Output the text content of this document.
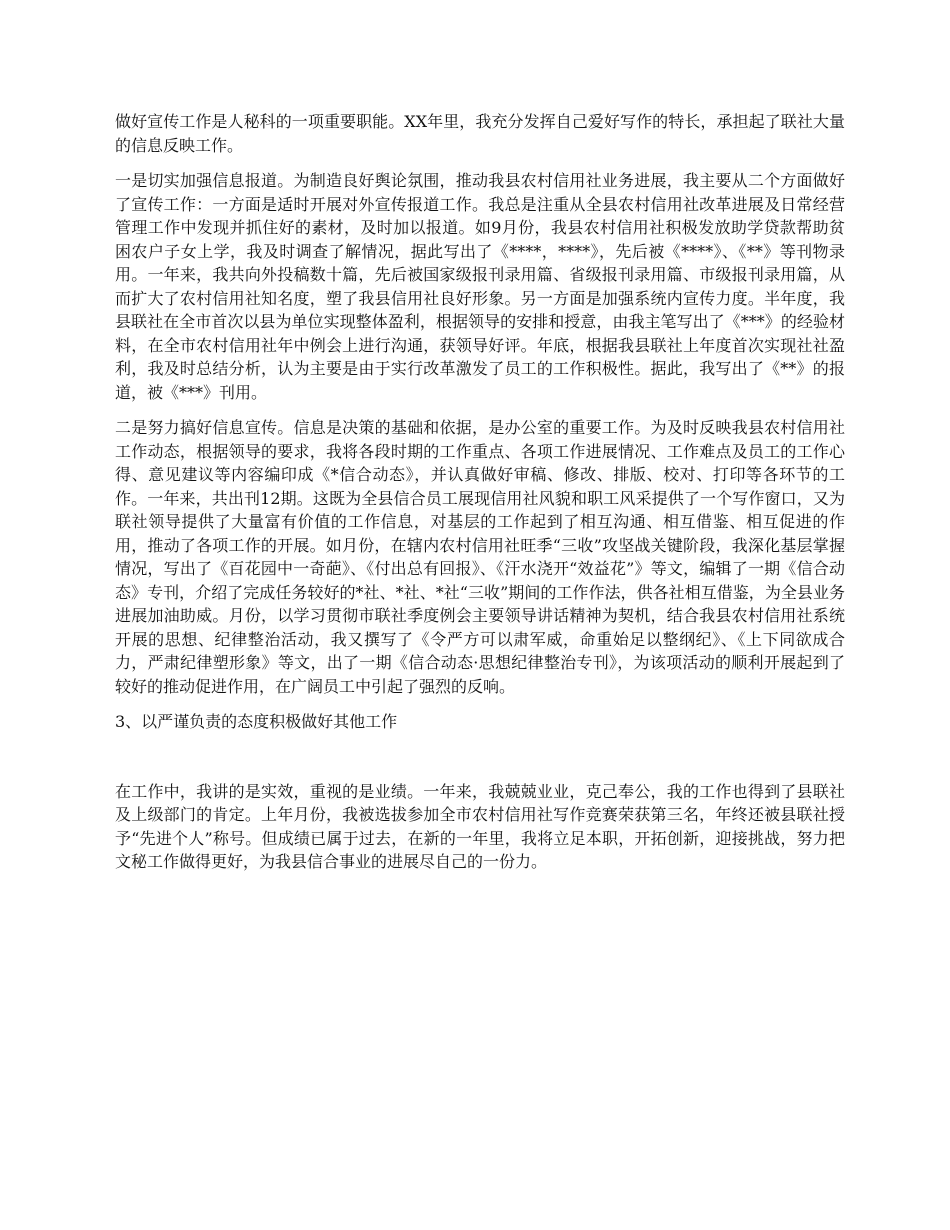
做好宣传工作是人秘科的一项重要职能。XX年里，我充分发挥自己爱好写作的特长，承担起了联社大量的信息反映工作。

一是切实加强信息报道。为制造良好舆论氛围，推动我县农村信用社业务进展，我主要从二个方面做好了宣传工作：一方面是适时开展对外宣传报道工作。我总是注重从全县农村信用社改革进展及日常经营管理工作中发现并抓住好的素材，及时加以报道。如9月份，我县农村信用社积极发放助学贷款帮助贫困农户子女上学，我及时调查了解情况，据此写出了《****，****》，先后被《****》、《**》等刊物录用。一年来，我共向外投稿数十篇，先后被国家级报刊录用篇、省级报刊录用篇、市级报刊录用篇，从而扩大了农村信用社知名度，塑了我县信用社良好形象。另一方面是加强系统内宣传力度。半年度，我县联社在全市首次以县为单位实现整体盈利，根据领导的安排和授意，由我主笔写出了《***》的经验材料，在全市农村信用社年中例会上进行沟通，获领导好评。年底，根据我县联社上年度首次实现社社盈利，我及时总结分析，认为主要是由于实行改革激发了员工的工作积极性。据此，我写出了《**》的报道，被《***》刊用。

二是努力搞好信息宣传。信息是决策的基础和依据，是办公室的重要工作。为及时反映我县农村信用社工作动态，根据领导的要求，我将各段时期的工作重点、各项工作进展情况、工作难点及员工的工作心得、意见建议等内容编印成《*信合动态》，并认真做好审稿、修改、排版、校对、打印等各环节的工作。一年来，共出刊12期。这既为全县信合员工展现信用社风貌和职工风采提供了一个写作窗口，又为联社领导提供了大量富有价值的工作信息，对基层的工作起到了相互沟通、相互借鉴、相互促进的作用，推动了各项工作的开展。如月份，在辖内农村信用社旺季“三收”攻坚战关键阶段，我深化基层掌握情况，写出了《百花园中一奇葩》、《付出总有回报》、《汗水浇开“效益花”》等文，编辑了一期《信合动态》专刊，介绍了完成任务较好的*社、*社、*社“三收”期间的工作作法，供各社相互借鉴，为全县业务进展加油助威。月份，以学习贯彻市联社季度例会主要领导讲话精神为契机，结合我县农村信用社系统开展的思想、纪律整治活动，我又撰写了《令严方可以肃军威，命重始足以整纲纪》、《上下同欲成合力，严肃纪律塑形象》等文，出了一期《信合动态·思想纪律整治专刊》，为该项活动的顺利开展起到了较好的推动促进作用，在广阔员工中引起了强烈的反响。

3、以严谨负责的态度积极做好其他工作

在工作中，我讲的是实效，重视的是业绩。一年来，我兢兢业业，克己奉公，我的工作也得到了县联社及上级部门的肯定。上年月份，我被选拔参加全市农村信用社写作竞赛荣获第三名，年终还被县联社授予“先进个人”称号。但成绩已属于过去，在新的一年里，我将立足本职，开拓创新，迎接挑战，努力把文秘工作做得更好，为我县信合事业的进展尽自己的一份力。
